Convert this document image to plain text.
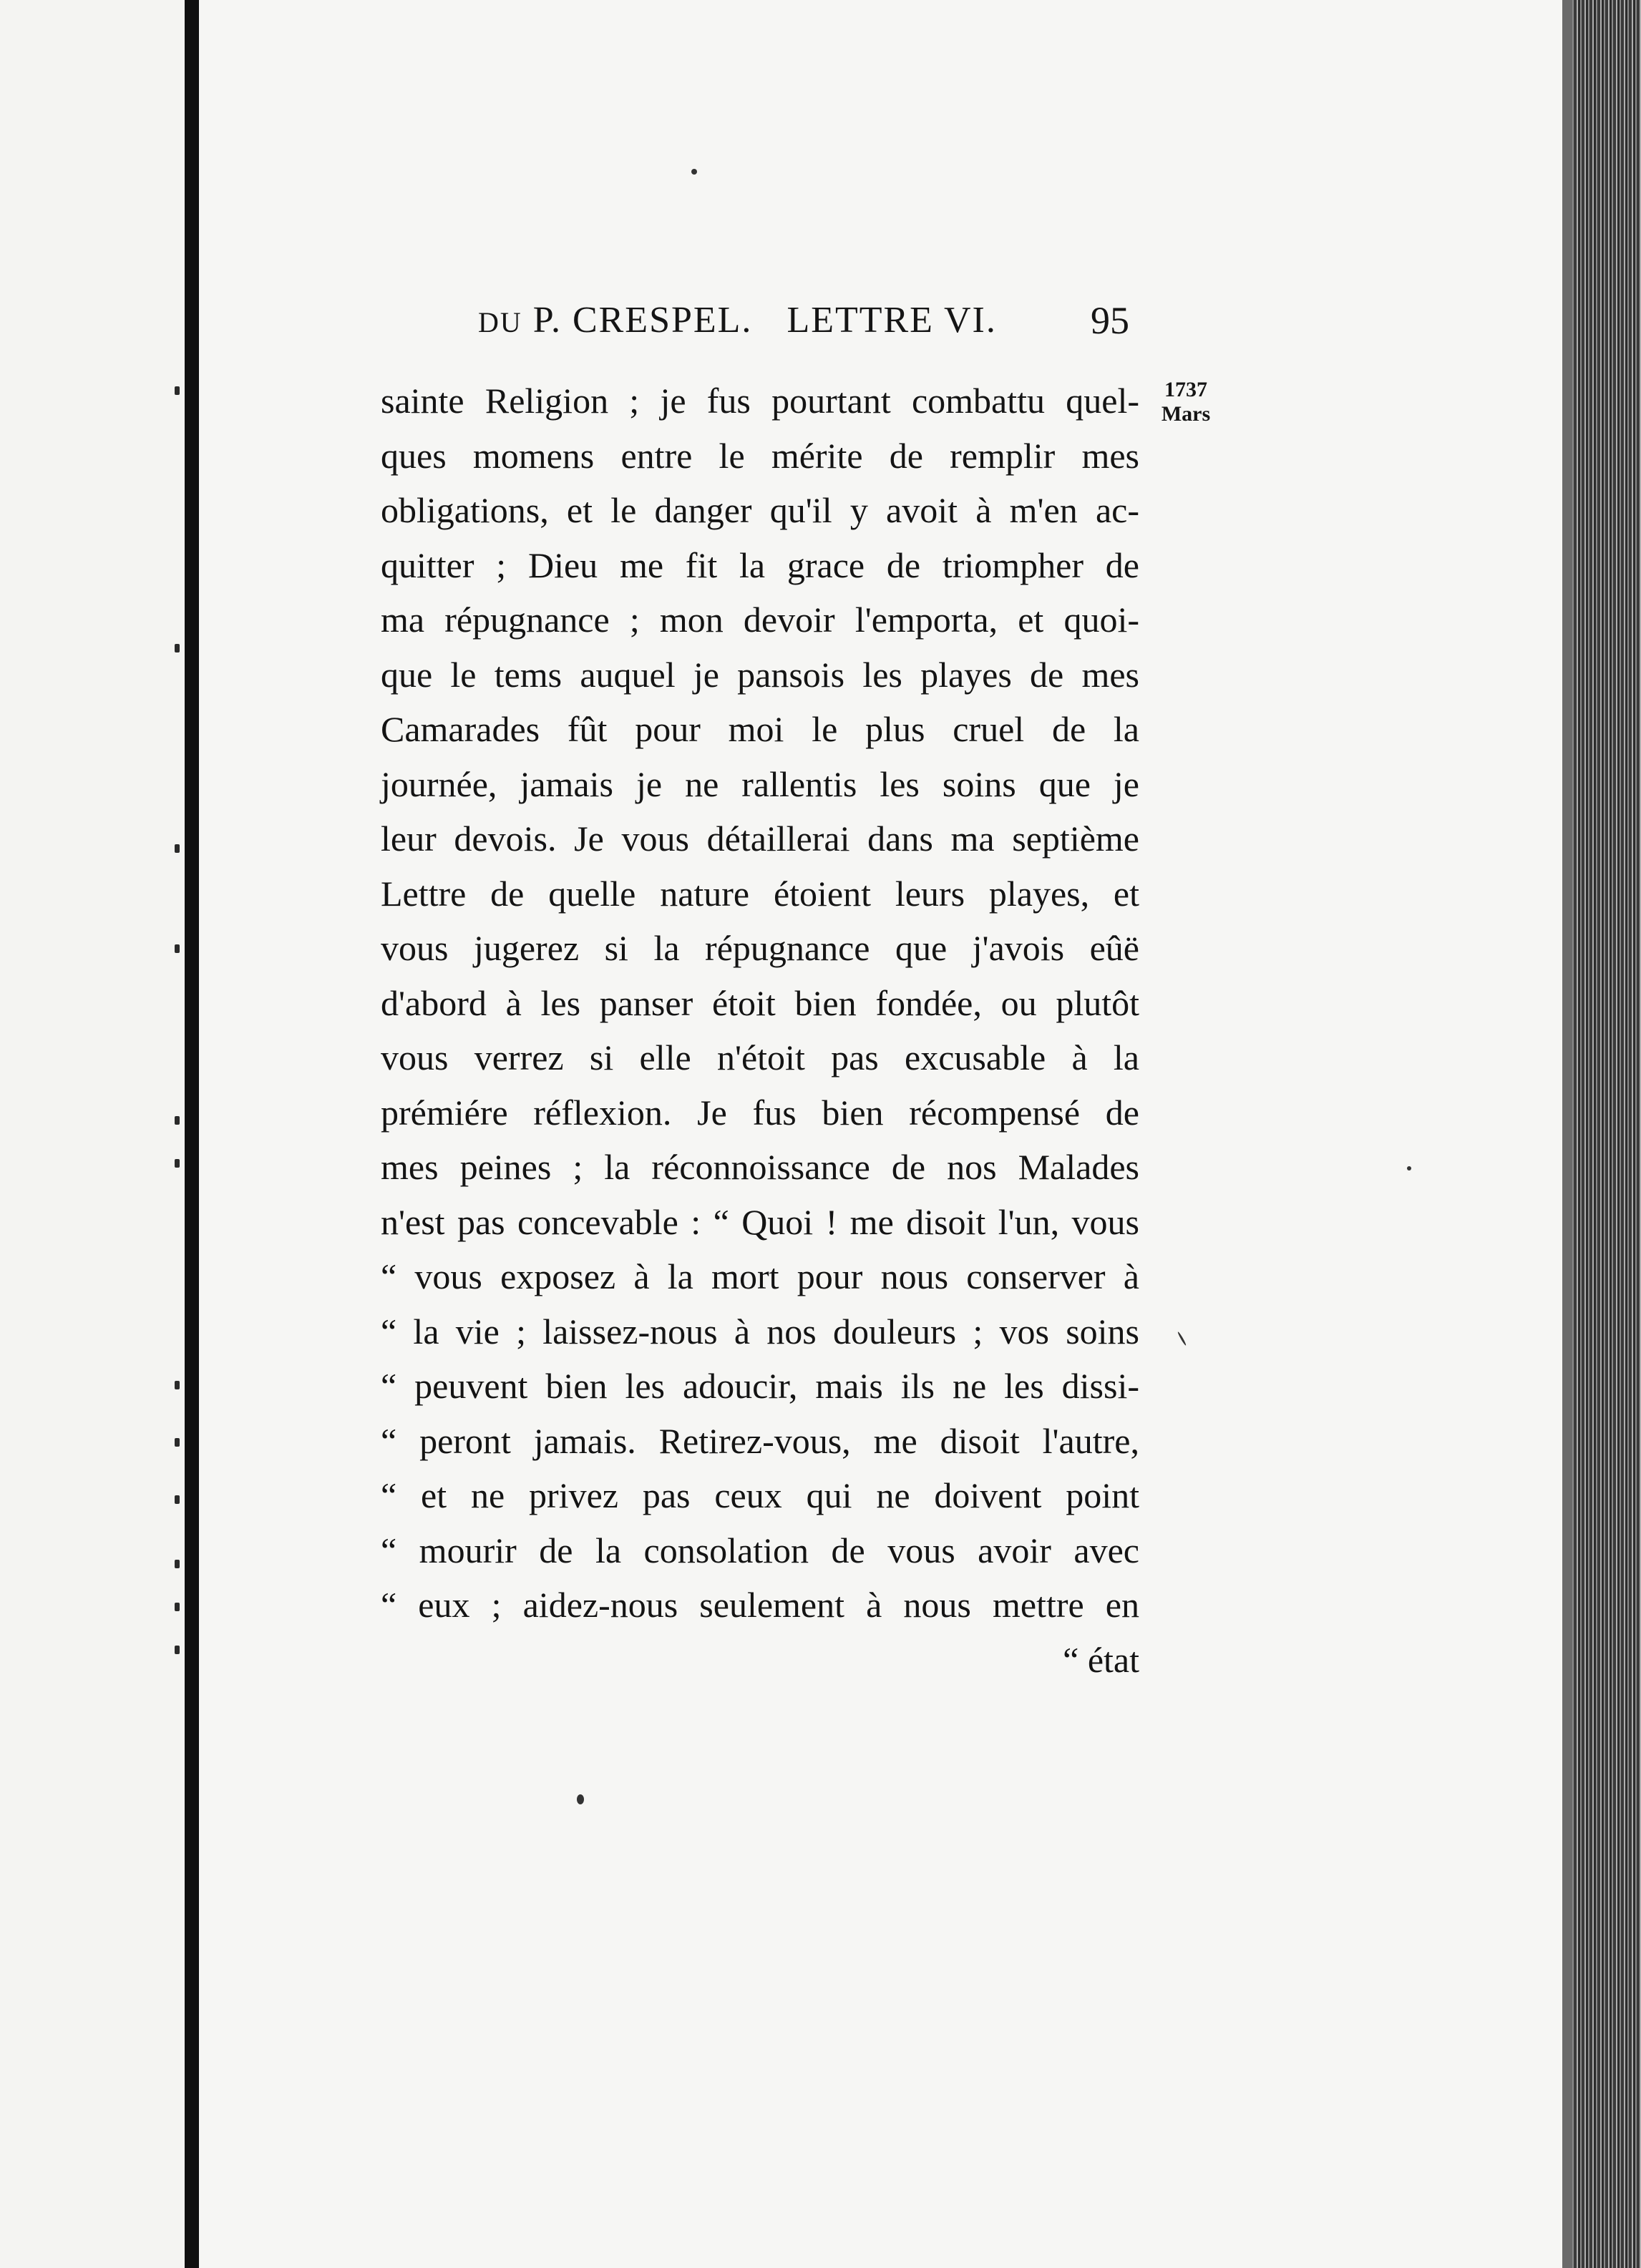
DU P. CRESPEL. LETTRE VI. 95
1737
Mars
sainte Religion ; je fus pourtant combattu quel-
ques momens entre le mérite de remplir mes
obligations, et le danger qu'il y avoit à m'en ac-
quitter ; Dieu me fit la grace de triompher de
ma répugnance ; mon devoir l'emporta, et quoi-
que le tems auquel je pansois les playes de mes
Camarades fût pour moi le plus cruel de la
journée, jamais je ne rallentis les soins que je
leur devois. Je vous détaillerai dans ma septième
Lettre de quelle nature étoient leurs playes, et
vous jugerez si la répugnance que j'avois eûë
d'abord à les panser étoit bien fondée, ou plutôt
vous verrez si elle n'étoit pas excusable à la
prémiére réflexion. Je fus bien récompensé de
mes peines ; la réconnoissance de nos Malades
n'est pas concevable : “ Quoi ! me disoit l'un, vous
“ vous exposez à la mort pour nous conserver à
“ la vie ; laissez-nous à nos douleurs ; vos soins
“ peuvent bien les adoucir, mais ils ne les dissi-
“ peront jamais. Retirez-vous, me disoit l'autre,
“ et ne privez pas ceux qui ne doivent point
“ mourir de la consolation de vous avoir avec
“ eux ; aidez-nous seulement à nous mettre en
“ état
